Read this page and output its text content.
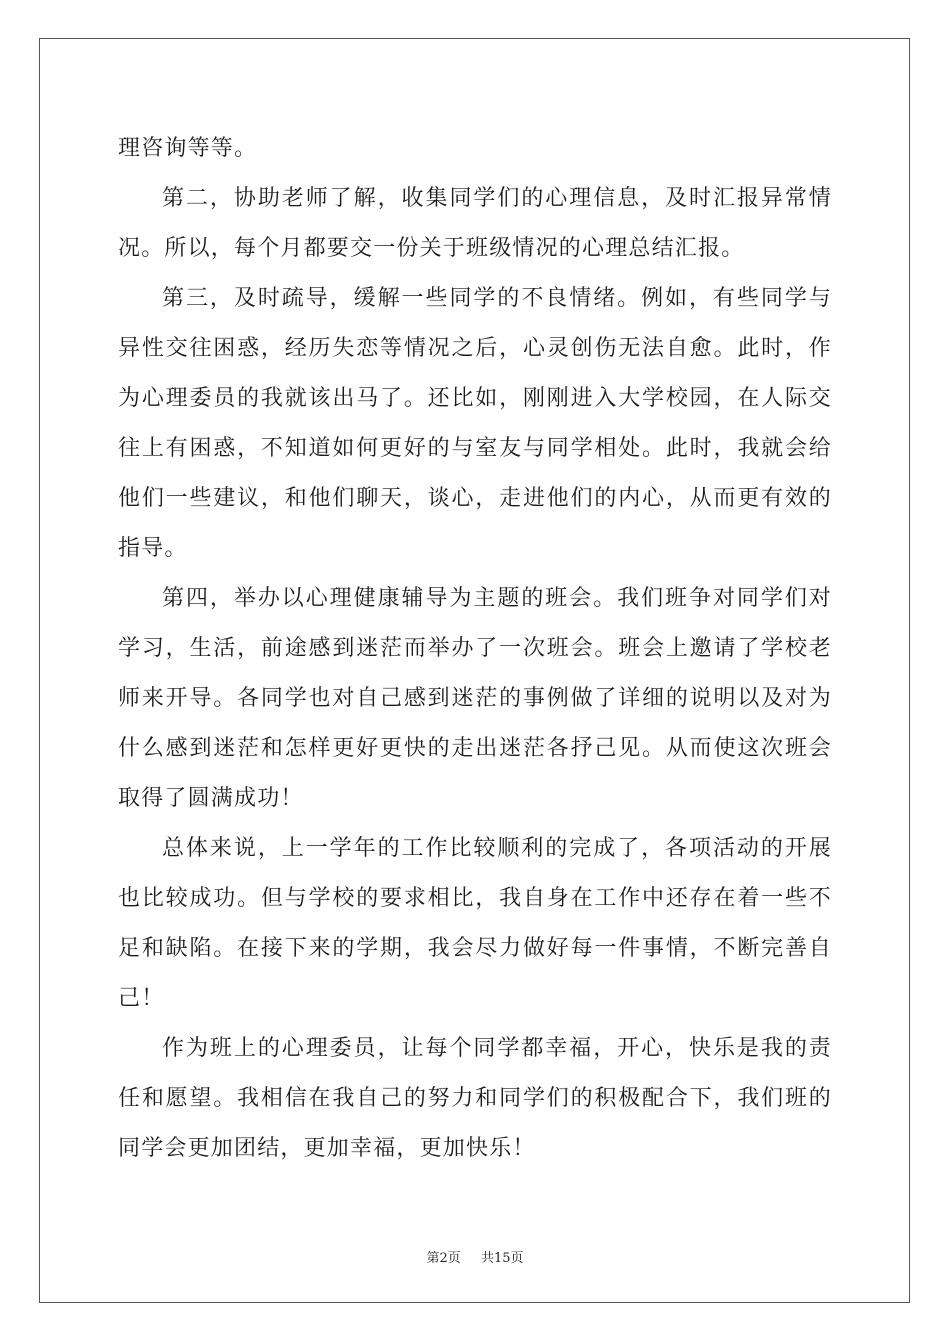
理咨询等等。

第二，协助老师了解，收集同学们的心理信息，及时汇报异常情况。所以，每个月都要交一份关于班级情况的心理总结汇报。

第三，及时疏导，缓解一些同学的不良情绪。例如，有些同学与异性交往困惑，经历失恋等情况之后，心灵创伤无法自愈。此时，作为心理委员的我就该出马了。还比如，刚刚进入大学校园，在人际交往上有困惑，不知道如何更好的与室友与同学相处。此时，我就会给他们一些建议，和他们聊天，谈心，走进他们的内心，从而更有效的指导。

第四，举办以心理健康辅导为主题的班会。我们班争对同学们对学习，生活，前途感到迷茫而举办了一次班会。班会上邀请了学校老师来开导。各同学也对自己感到迷茫的事例做了详细的说明以及对为什么感到迷茫和怎样更好更快的走出迷茫各抒己见。从而使这次班会取得了圆满成功！

总体来说，上一学年的工作比较顺利的完成了，各项活动的开展也比较成功。但与学校的要求相比，我自身在工作中还存在着一些不足和缺陷。在接下来的学期，我会尽力做好每一件事情，不断完善自己！

作为班上的心理委员，让每个同学都幸福，开心，快乐是我的责任和愿望。我相信在我自己的努力和同学们的积极配合下，我们班的同学会更加团结，更加幸福，更加快乐！

第2页 共15页
